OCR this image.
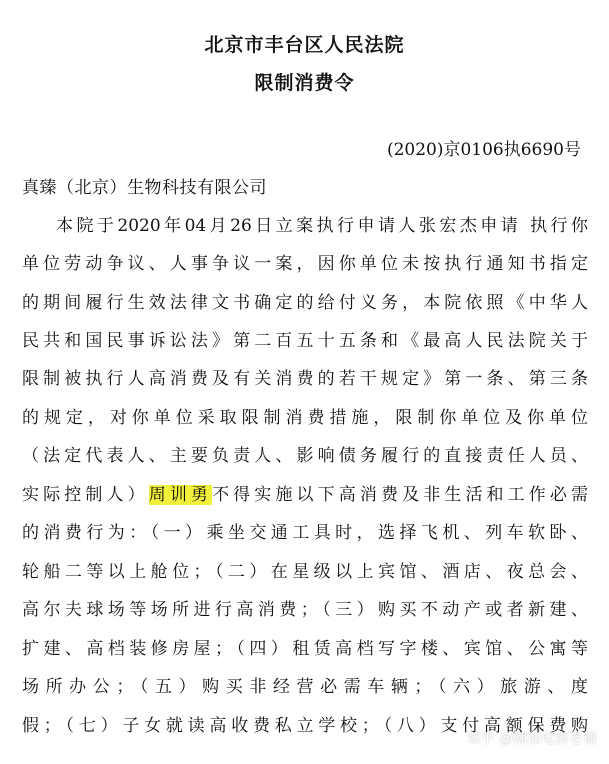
北京市丰台区人民法院
限制消费令
(2020)京0106执6690号
真臻（北京）生物科技有限公司
本院于2020年04月26日立案执行申请人张宏杰申请 执行你
单位劳动争议、人事争议一案，因你单位未按执行通知书指定
的期间履行生效法律文书确定的给付义务，本院依照《中华人
民共和国民事诉讼法》第二百五十五条和《最高人民法院关于
限制被执行人高消费及有关消费的若干规定》第一条、第三条
的规定，对你单位采取限制消费措施，限制你单位及你单位
（法定代表人、主要负责人、影响债务履行的直接责任人员、
实际控制人）周训勇不得实施以下高消费及非生活和工作必需
的消费行为：（一）乘坐交通工具时，选择飞机、列车软卧、
轮船二等以上舱位；（二）在星级以上宾馆、酒店、夜总会、
高尔夫球场等场所进行高消费；（三）购买不动产或者新建、
扩建、高档装修房屋；（四）租赁高档写字楼、宾馆、公寓等
场所办公；（五）购买非经营必需车辆；（六）旅游、度
假；（七）子女就读高收费私立学校；（八）支付高额保费购
知乎 @潮汕电商老谢
